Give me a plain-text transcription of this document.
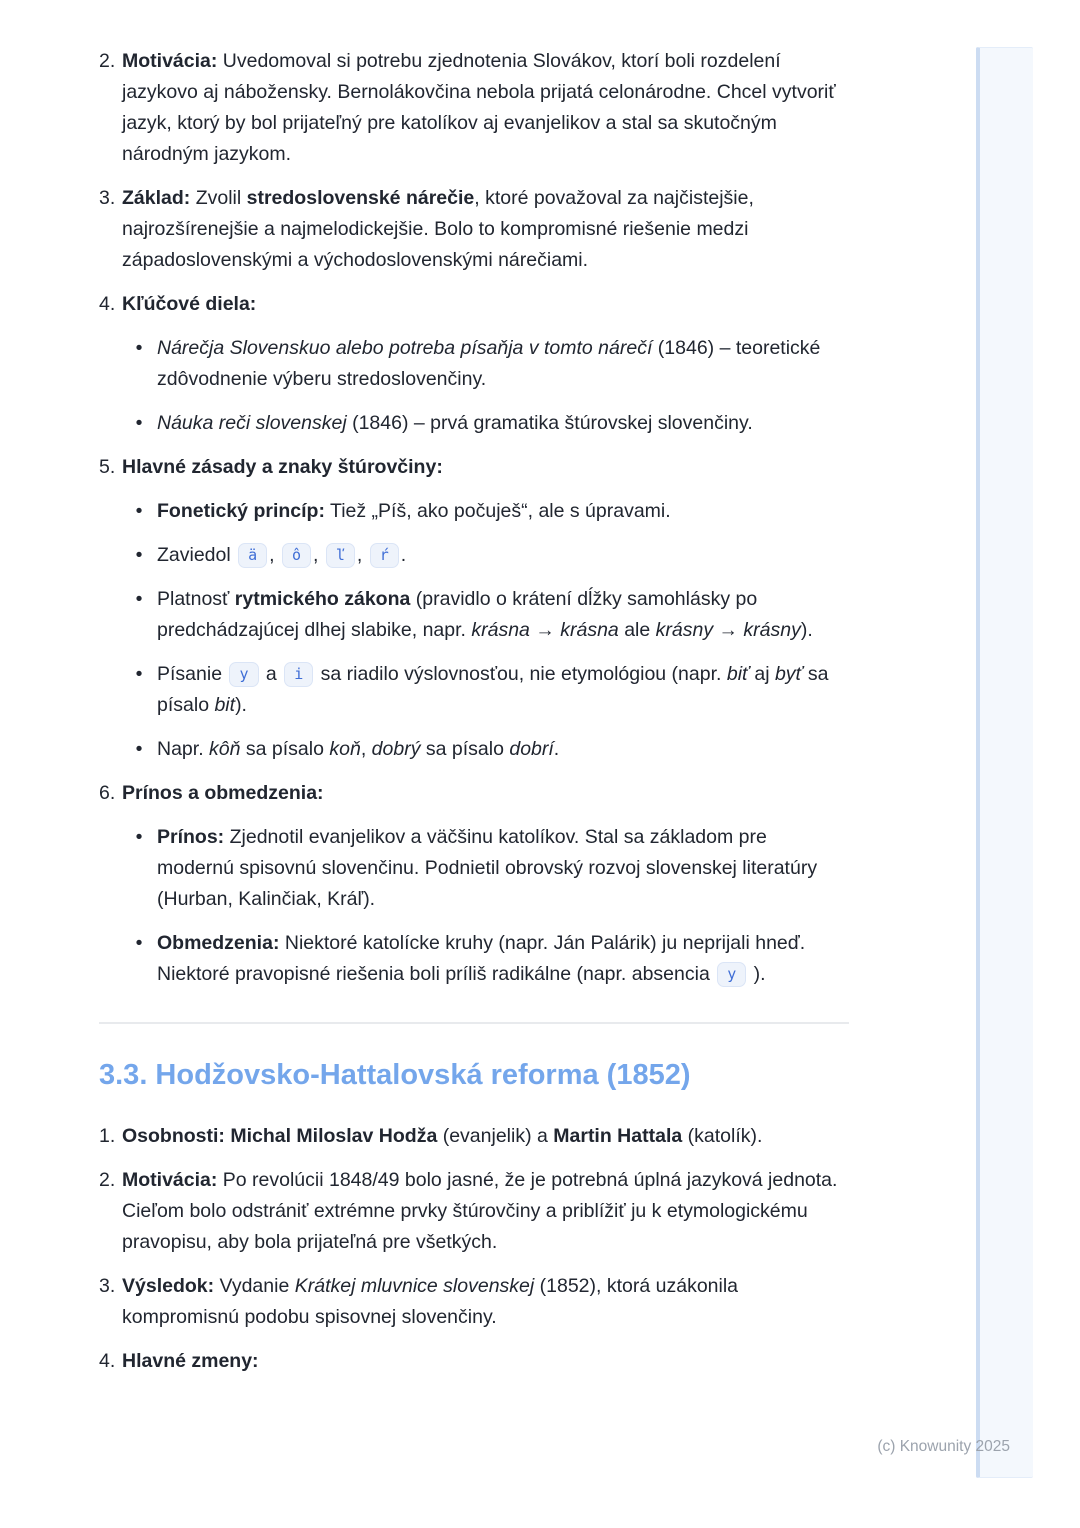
2. Motivácia: Uvedomoval si potrebu zjednotenia Slovákov, ktorí boli rozdelení jazykovo aj nábožensky. Bernolákovčina nebola prijatá celonárodne. Chcel vytvoriť jazyk, ktorý by bol prijateľný pre katolíkov aj evanjelikov a stal sa skutočným národným jazykom.
3. Základ: Zvolil stredoslovenské nárečie, ktoré považoval za najčistejšie, najrozšírenejšie a najmelodickejšie. Bolo to kompromisné riešenie medzi západoslovenskými a východoslovenskými nárečiami.
4. Kľúčové diela:
• Nárečja Slovenskuo alebo potreba písaňja v tomto nárečí (1846) – teoretické zdôvodnenie výberu stredoslovenčiny.
• Náuka reči slovenskej (1846) – prvá gramatika štúrovskej slovenčiny.
5. Hlavné zásady a znaky štúrovčiny:
• Fonetický princíp: Tiež „Píš, ako počuješ“, ale s úpravami.
• Zaviedol ä , ô , ľ , ŕ .
• Platnosť rytmického zákona (pravidlo o krátení dĺžky samohlásky po predchádzajúcej dlhej slabike, napr. krásna → krásna ale krásny → krásny).
• Písanie y a i sa riadilo výslovnosťou, nie etymológiou (napr. biť aj byť sa písalo bit).
• Napr. kôň sa písalo koň, dobrý sa písalo dobrí.
6. Prínos a obmedzenia:
• Prínos: Zjednotil evanjelikov a väčšinu katolíkov. Stal sa základom pre modernú spisovnú slovenčinu. Podnietil obrovský rozvoj slovenskej literatúry (Hurban, Kalinčiak, Kráľ).
• Obmedzenia: Niektoré katolícke kruhy (napr. Ján Palárik) ju neprijali hneď. Niektoré pravopisné riešenia boli príliš radikálne (napr. absencia y ).
3.3. Hodžovsko-Hattalovská reforma (1852)
1. Osobnosti: Michal Miloslav Hodža (evanjelik) a Martin Hattala (katolík).
2. Motivácia: Po revolúcii 1848/49 bolo jasné, že je potrebná úplná jazyková jednota. Cieľom bolo odstrániť extrémne prvky štúrovčiny a priblížiť ju k etymologickému pravopisu, aby bola prijateľná pre všetkých.
3. Výsledok: Vydanie Krátkej mluvnice slovenskej (1852), ktorá uzákonila kompromisnú podobu spisovnej slovenčiny.
4. Hlavné zmeny:
(c) Knowunity 2025
